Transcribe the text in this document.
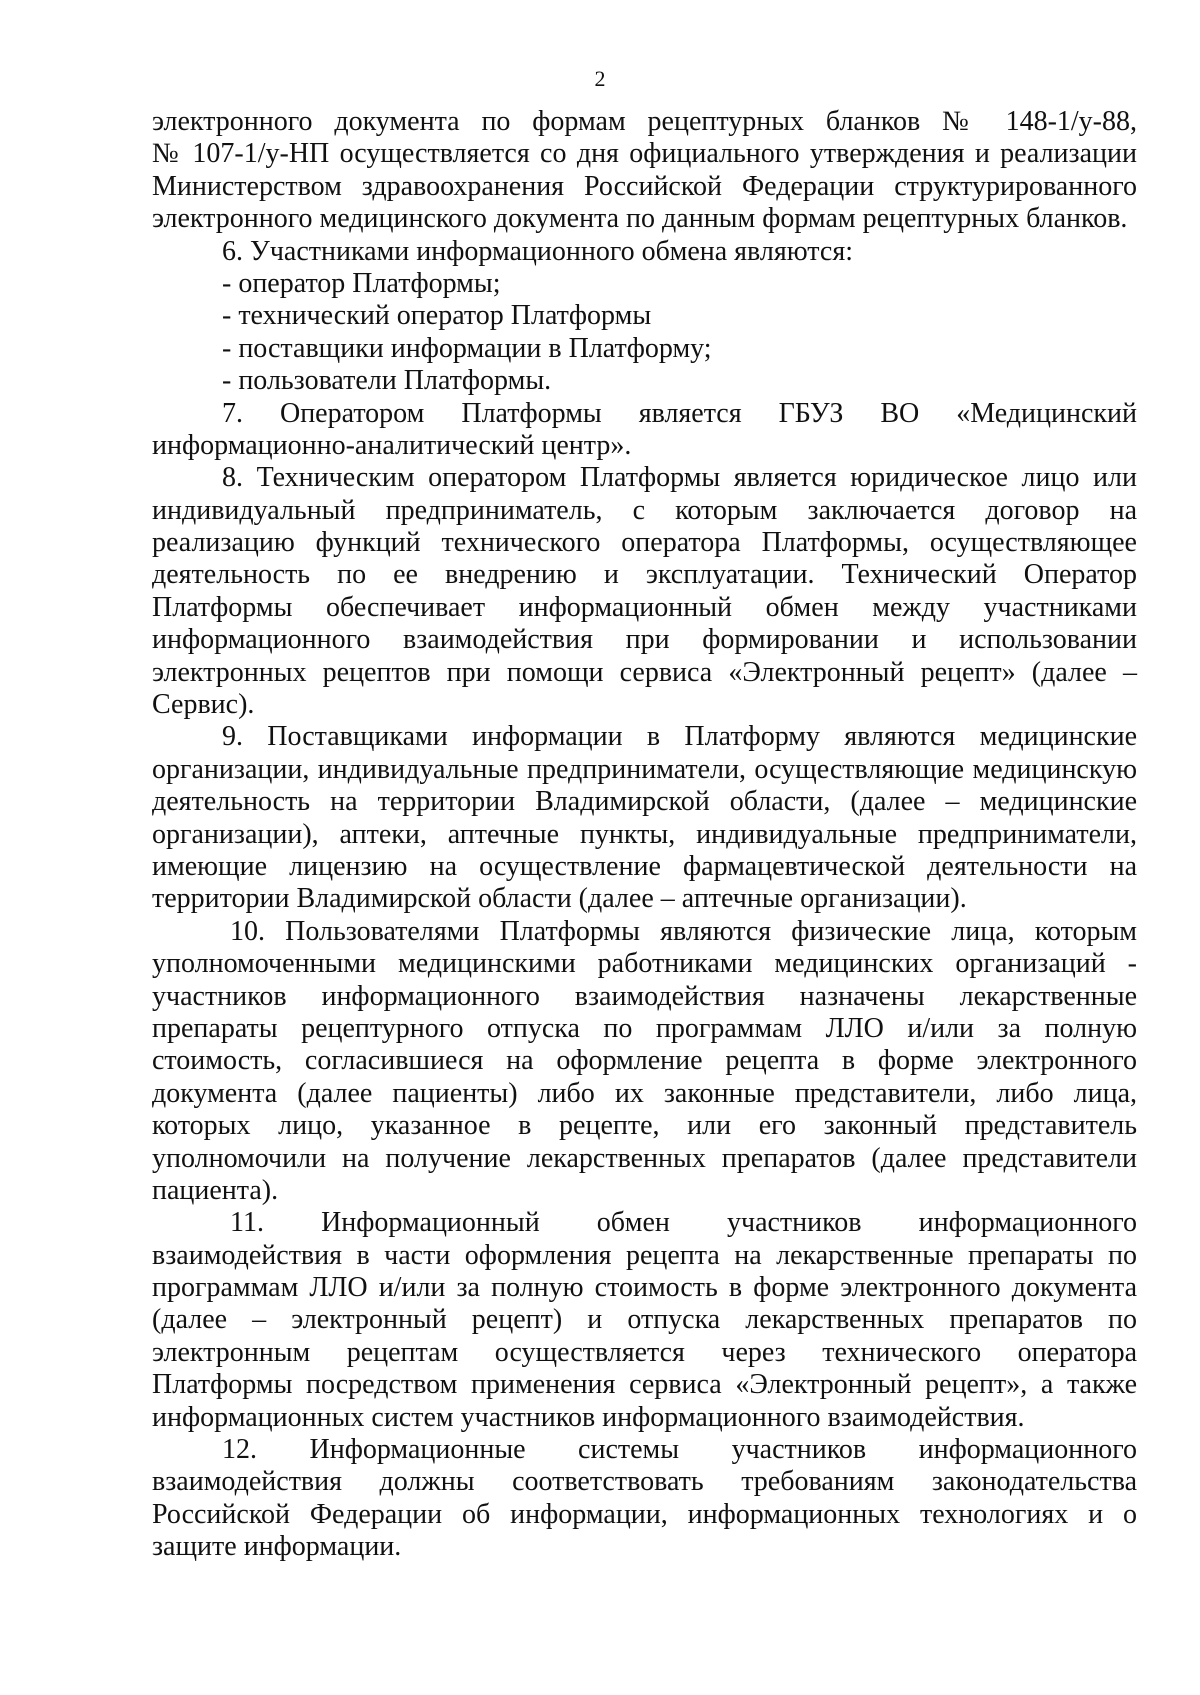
2
электронного документа по формам рецептурных бланков № 148-1/у-88,
№ 107-1/у-НП осуществляется со дня официального утверждения и реализации
Министерством здравоохранения Российской Федерации структурированного
электронного медицинского документа по данным формам рецептурных бланков.
6. Участниками информационного обмена являются:
- оператор Платформы;
- технический оператор Платформы
- поставщики информации в Платформу;
- пользователи Платформы.
7. Оператором Платформы является ГБУЗ ВО «Медицинский
информационно-аналитический центр».
8. Техническим оператором Платформы является юридическое лицо или
индивидуальный предприниматель, с которым заключается договор на
реализацию функций технического оператора Платформы, осуществляющее
деятельность по ее внедрению и эксплуатации. Технический Оператор
Платформы обеспечивает информационный обмен между участниками
информационного взаимодействия при формировании и использовании
электронных рецептов при помощи сервиса «Электронный рецепт» (далее –
Сервис).
9. Поставщиками информации в Платформу являются медицинские
организации, индивидуальные предприниматели, осуществляющие медицинскую
деятельность на территории Владимирской области, (далее – медицинские
организации), аптеки, аптечные пункты, индивидуальные предприниматели,
имеющие лицензию на осуществление фармацевтической деятельности на
территории Владимирской области (далее – аптечные организации).
10. Пользователями Платформы являются физические лица, которым
уполномоченными медицинскими работниками медицинских организаций -
участников информационного взаимодействия назначены лекарственные
препараты рецептурного отпуска по программам ЛЛО и/или за полную
стоимость, согласившиеся на оформление рецепта в форме электронного
документа (далее пациенты) либо их законные представители, либо лица,
которых лицо, указанное в рецепте, или его законный представитель
уполномочили на получение лекарственных препаратов (далее представители
пациента).
11. Информационный обмен участников информационного
взаимодействия в части оформления рецепта на лекарственные препараты по
программам ЛЛО и/или за полную стоимость в форме электронного документа
(далее – электронный рецепт) и отпуска лекарственных препаратов по
электронным рецептам осуществляется через технического оператора
Платформы посредством применения сервиса «Электронный рецепт», а также
информационных систем участников информационного взаимодействия.
12. Информационные системы участников информационного
взаимодействия должны соответствовать требованиям законодательства
Российской Федерации об информации, информационных технологиях и о
защите информации.
